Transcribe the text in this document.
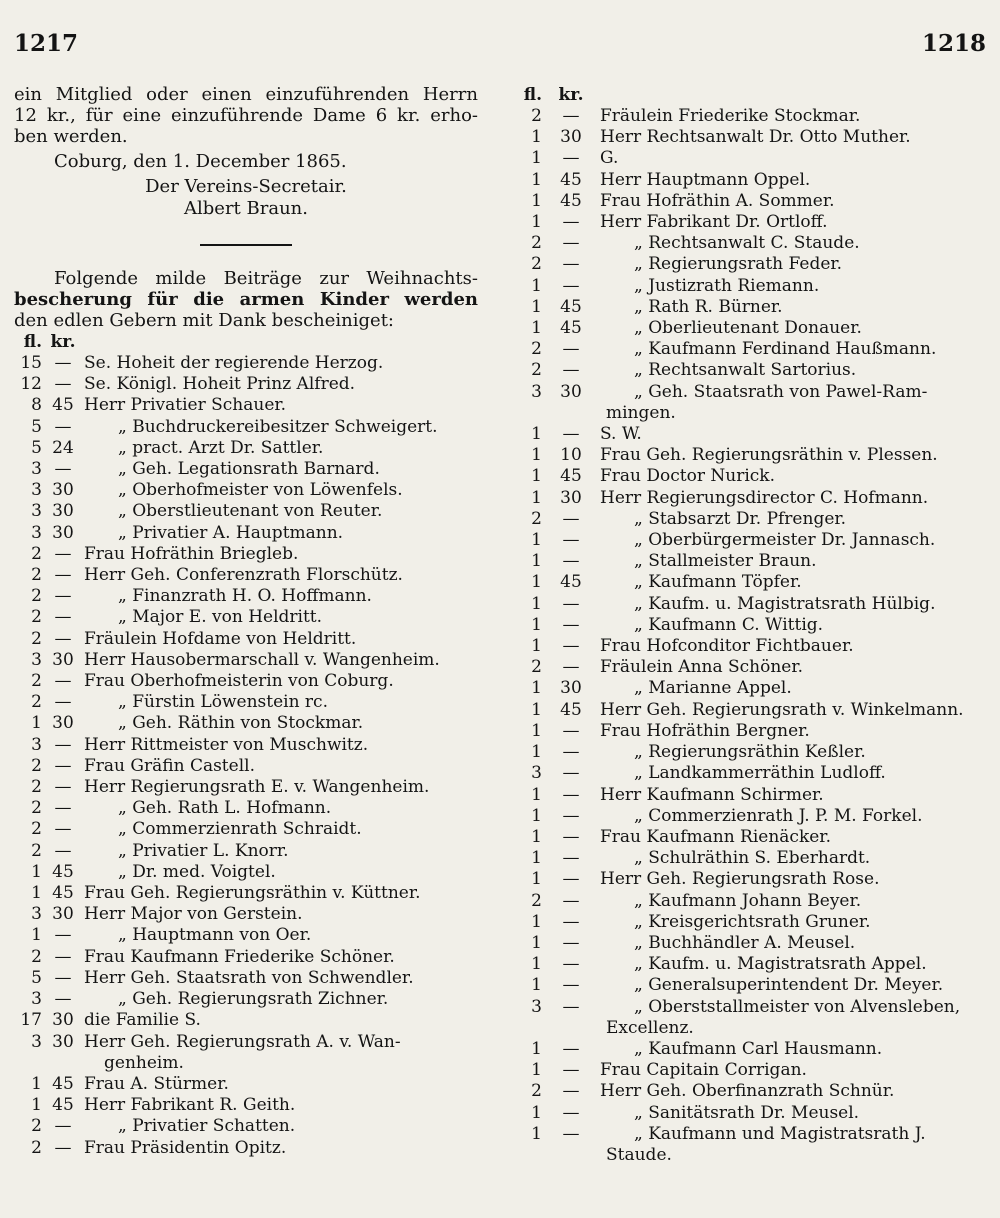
1217	1218
ein Mitglied oder einen einzuführenden Herrn
12 kr., für eine einzuführende Dame 6 kr. erho-
ben werden.
Coburg, den 1. December 1865.
Der Vereins-Secretair.
Albert Braun.
Folgende milde Beiträge zur Weihnachts-
bescherung für die armen Kinder werden
den edlen Gebern mit Dank bescheiniget:
fl. kr.
15 — Se. Hoheit der regierende Herzog.
12 — Se. Königl. Hoheit Prinz Alfred.
8 45 Herr Privatier Schauer.
5 —	„ Buchdruckereibesitzer Schweigert.
5 24	„ pract. Arzt Dr. Sattler.
3 —	„ Geh. Legationsrath Barnard.
3 30	„ Oberhofmeister von Löwenfels.
3 30	„ Oberstlieutenant von Reuter.
3 30	„ Privatier A. Hauptmann.
2 — Frau Hofräthin Briegleb.
2 — Herr Geh. Conferenzrath Florschütz.
2 —	„ Finanzrath H. O. Hoffmann.
2 —	„ Major E. von Heldritt.
2 — Fräulein Hofdame von Heldritt.
3 30 Herr Hausobermarschall v. Wangenheim.
2 — Frau Oberhofmeisterin von Coburg.
2 —	„ Fürstin Löwenstein rc.
1 30	„ Geh. Räthin von Stockmar.
3 — Herr Rittmeister von Muschwitz.
2 — Frau Gräfin Castell.
2 — Herr Regierungsrath E. v. Wangenheim.
2 —	„ Geh. Rath L. Hofmann.
2 —	„ Commerzienrath Schraidt.
2 —	„ Privatier L. Knorr.
1 45	„ Dr. med. Voigtel.
1 45 Frau Geh. Regierungsräthin v. Küttner.
3 30 Herr Major von Gerstein.
1 —	„ Hauptmann von Oer.
2 — Frau Kaufmann Friederike Schöner.
5 — Herr Geh. Staatsrath von Schwendler.
3 —	„ Geh. Regierungsrath Zichner.
17 30 die Familie S.
3 30 Herr Geh. Regierungsrath A. v. Wan-
genheim.
1 45 Frau A. Stürmer.
1 45 Herr Fabrikant R. Geith.
2 —	„ Privatier Schatten.
2 — Frau Präsidentin Opitz.
fl. kr.
2	—	Fräulein Friederike Stockmar.
1	30	Herr Rechtsanwalt Dr. Otto Muther.
1	—	G.
1	45	Herr Hauptmann Oppel.
1	45	Frau Hofräthin A. Sommer.
1	—	Herr Fabrikant Dr. Ortloff.
2	—	„ Rechtsanwalt C. Staude.
2	—	„ Regierungsrath Feder.
1	—	„ Justizrath Riemann.
1	45	„ Rath R. Bürner.
1	45	„ Oberlieutenant Donauer.
2	—	„ Kaufmann Ferdinand Haußmann.
2	—	„ Rechtsanwalt Sartorius.
3	30	„ Geh. Staatsrath von Pawel-Ram-
mingen.
1	—	S. W.
1	10	Frau Geh. Regierungsräthin v. Plessen.
1	45	Frau Doctor Nurick.
1	30	Herr Regierungsdirector C. Hofmann.
2	—	„ Stabsarzt Dr. Pfrenger.
1	—	„ Oberbürgermeister Dr. Jannasch.
1	—	„ Stallmeister Braun.
1	45	„ Kaufmann Töpfer.
1	—	„ Kaufm. u. Magistratsrath Hülbig.
1	—	„ Kaufmann C. Wittig.
1	—	Frau Hofconditor Fichtbauer.
2	—	Fräulein Anna Schöner.
1	30	„ Marianne Appel.
1	45	Herr Geh. Regierungsrath v. Winkelmann.
1	—	Frau Hofräthin Bergner.
1	—	„ Regierungsräthin Keßler.
3	—	„ Landkammerräthin Ludloff.
1	—	Herr Kaufmann Schirmer.
1	—	„ Commerzienrath J. P. M. Forkel.
1	—	Frau Kaufmann Rienäcker.
1	—	„ Schulräthin S. Eberhardt.
1	—	Herr Geh. Regierungsrath Rose.
2	—	„ Kaufmann Johann Beyer.
1	—	„ Kreisgerichtsrath Gruner.
1	—	„ Buchhändler A. Meusel.
1	—	„ Kaufm. u. Magistratsrath Appel.
1	—	„ Generalsuperintendent Dr. Meyer.
3	—	„ Oberststallmeister von Alvensleben,
Excellenz.
1	—	„ Kaufmann Carl Hausmann.
1	—	Frau Capitain Corrigan.
2	—	Herr Geh. Oberfinanzrath Schnür.
1	—	„ Sanitätsrath Dr. Meusel.
1	—	„ Kaufmann und Magistratsrath J.
Staude.
